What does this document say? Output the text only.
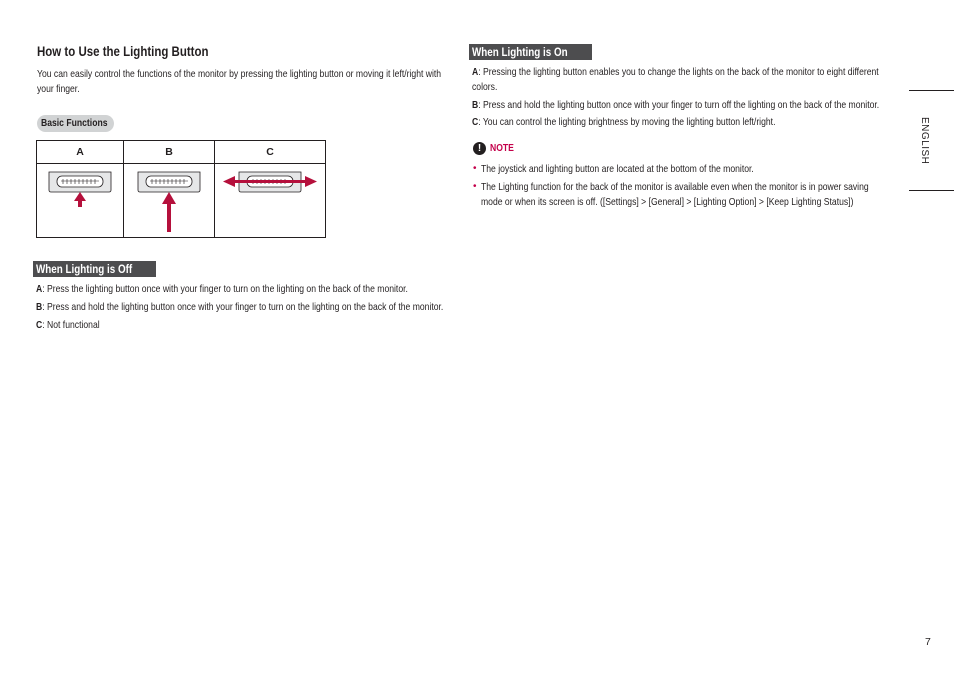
How to Use the Lighting Button
You can easily control the functions of the monitor by pressing the lighting button or moving it left/right with your finger.
Basic Functions
A	B	C

When Lighting is Off
A: Press the lighting button once with your finger to turn on the lighting on the back of the monitor.
B: Press and hold the lighting button once with your finger to turn on the lighting on the back of the monitor.
C: Not functional
When Lighting is On
A: Pressing the lighting button enables you to change the lights on the back of the monitor to eight different colors.
B: Press and hold the lighting button once with your finger to turn off the lighting on the back of the monitor.
C: You can control the lighting brightness by moving the lighting button left/right.
! NOTE
• The joystick and lighting button are located at the bottom of the monitor.
• The Lighting function for the back of the monitor is available even when the monitor is in power saving mode or when its screen is off. ([Settings] > [General] > [Lighting Option] > [Keep Lighting Status])
ENGLISH
7
